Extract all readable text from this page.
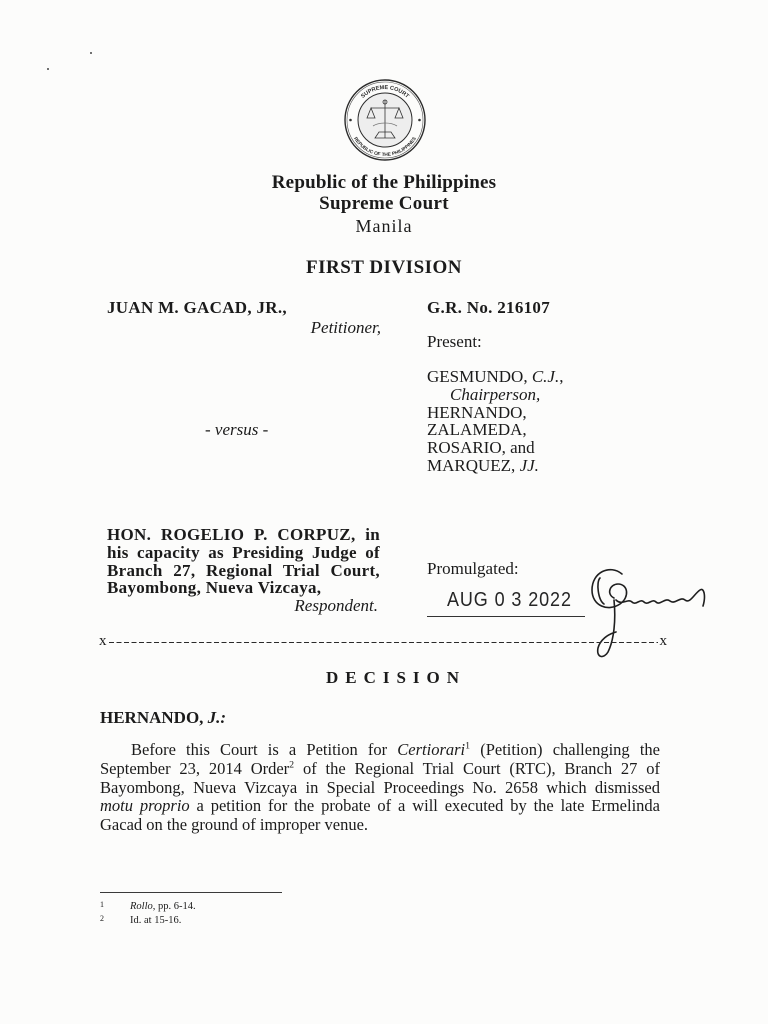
SUPREME COURT
REPUBLIC OF THE PHILIPPINES
Republic of the Philippines
Supreme Court
Manila
FIRST DIVISION
JUAN M. GACAD, JR.,
Petitioner,
- versus -
HON. ROGELIO P. CORPUZ, in
his capacity as Presiding Judge of
Branch 27, Regional Trial Court,
Bayombong, Nueva Vizcaya,
Respondent.
G.R. No. 216107
Present:
GESMUNDO, C.J.,
Chairperson,
HERNANDO,
ZALAMEDA,
ROSARIO, and
MARQUEZ, JJ.
Promulgated:
AUG 0 3 2022
x	x
DECISION
HERNANDO, J.:
Before this Court is a Petition for Certiorari$^1$ (Petition) challenging the
September 23, 2014 Order$^2$ of the Regional Trial Court (RTC), Branch 27 of
Bayombong, Nueva Vizcaya in Special Proceedings No. 2658 which dismissed
motu proprio a petition for the probate of a will executed by the late Ermelinda
Gacad on the ground of improper venue.
1	Rollo, pp. 6-14.
2	Id. at 15-16.
